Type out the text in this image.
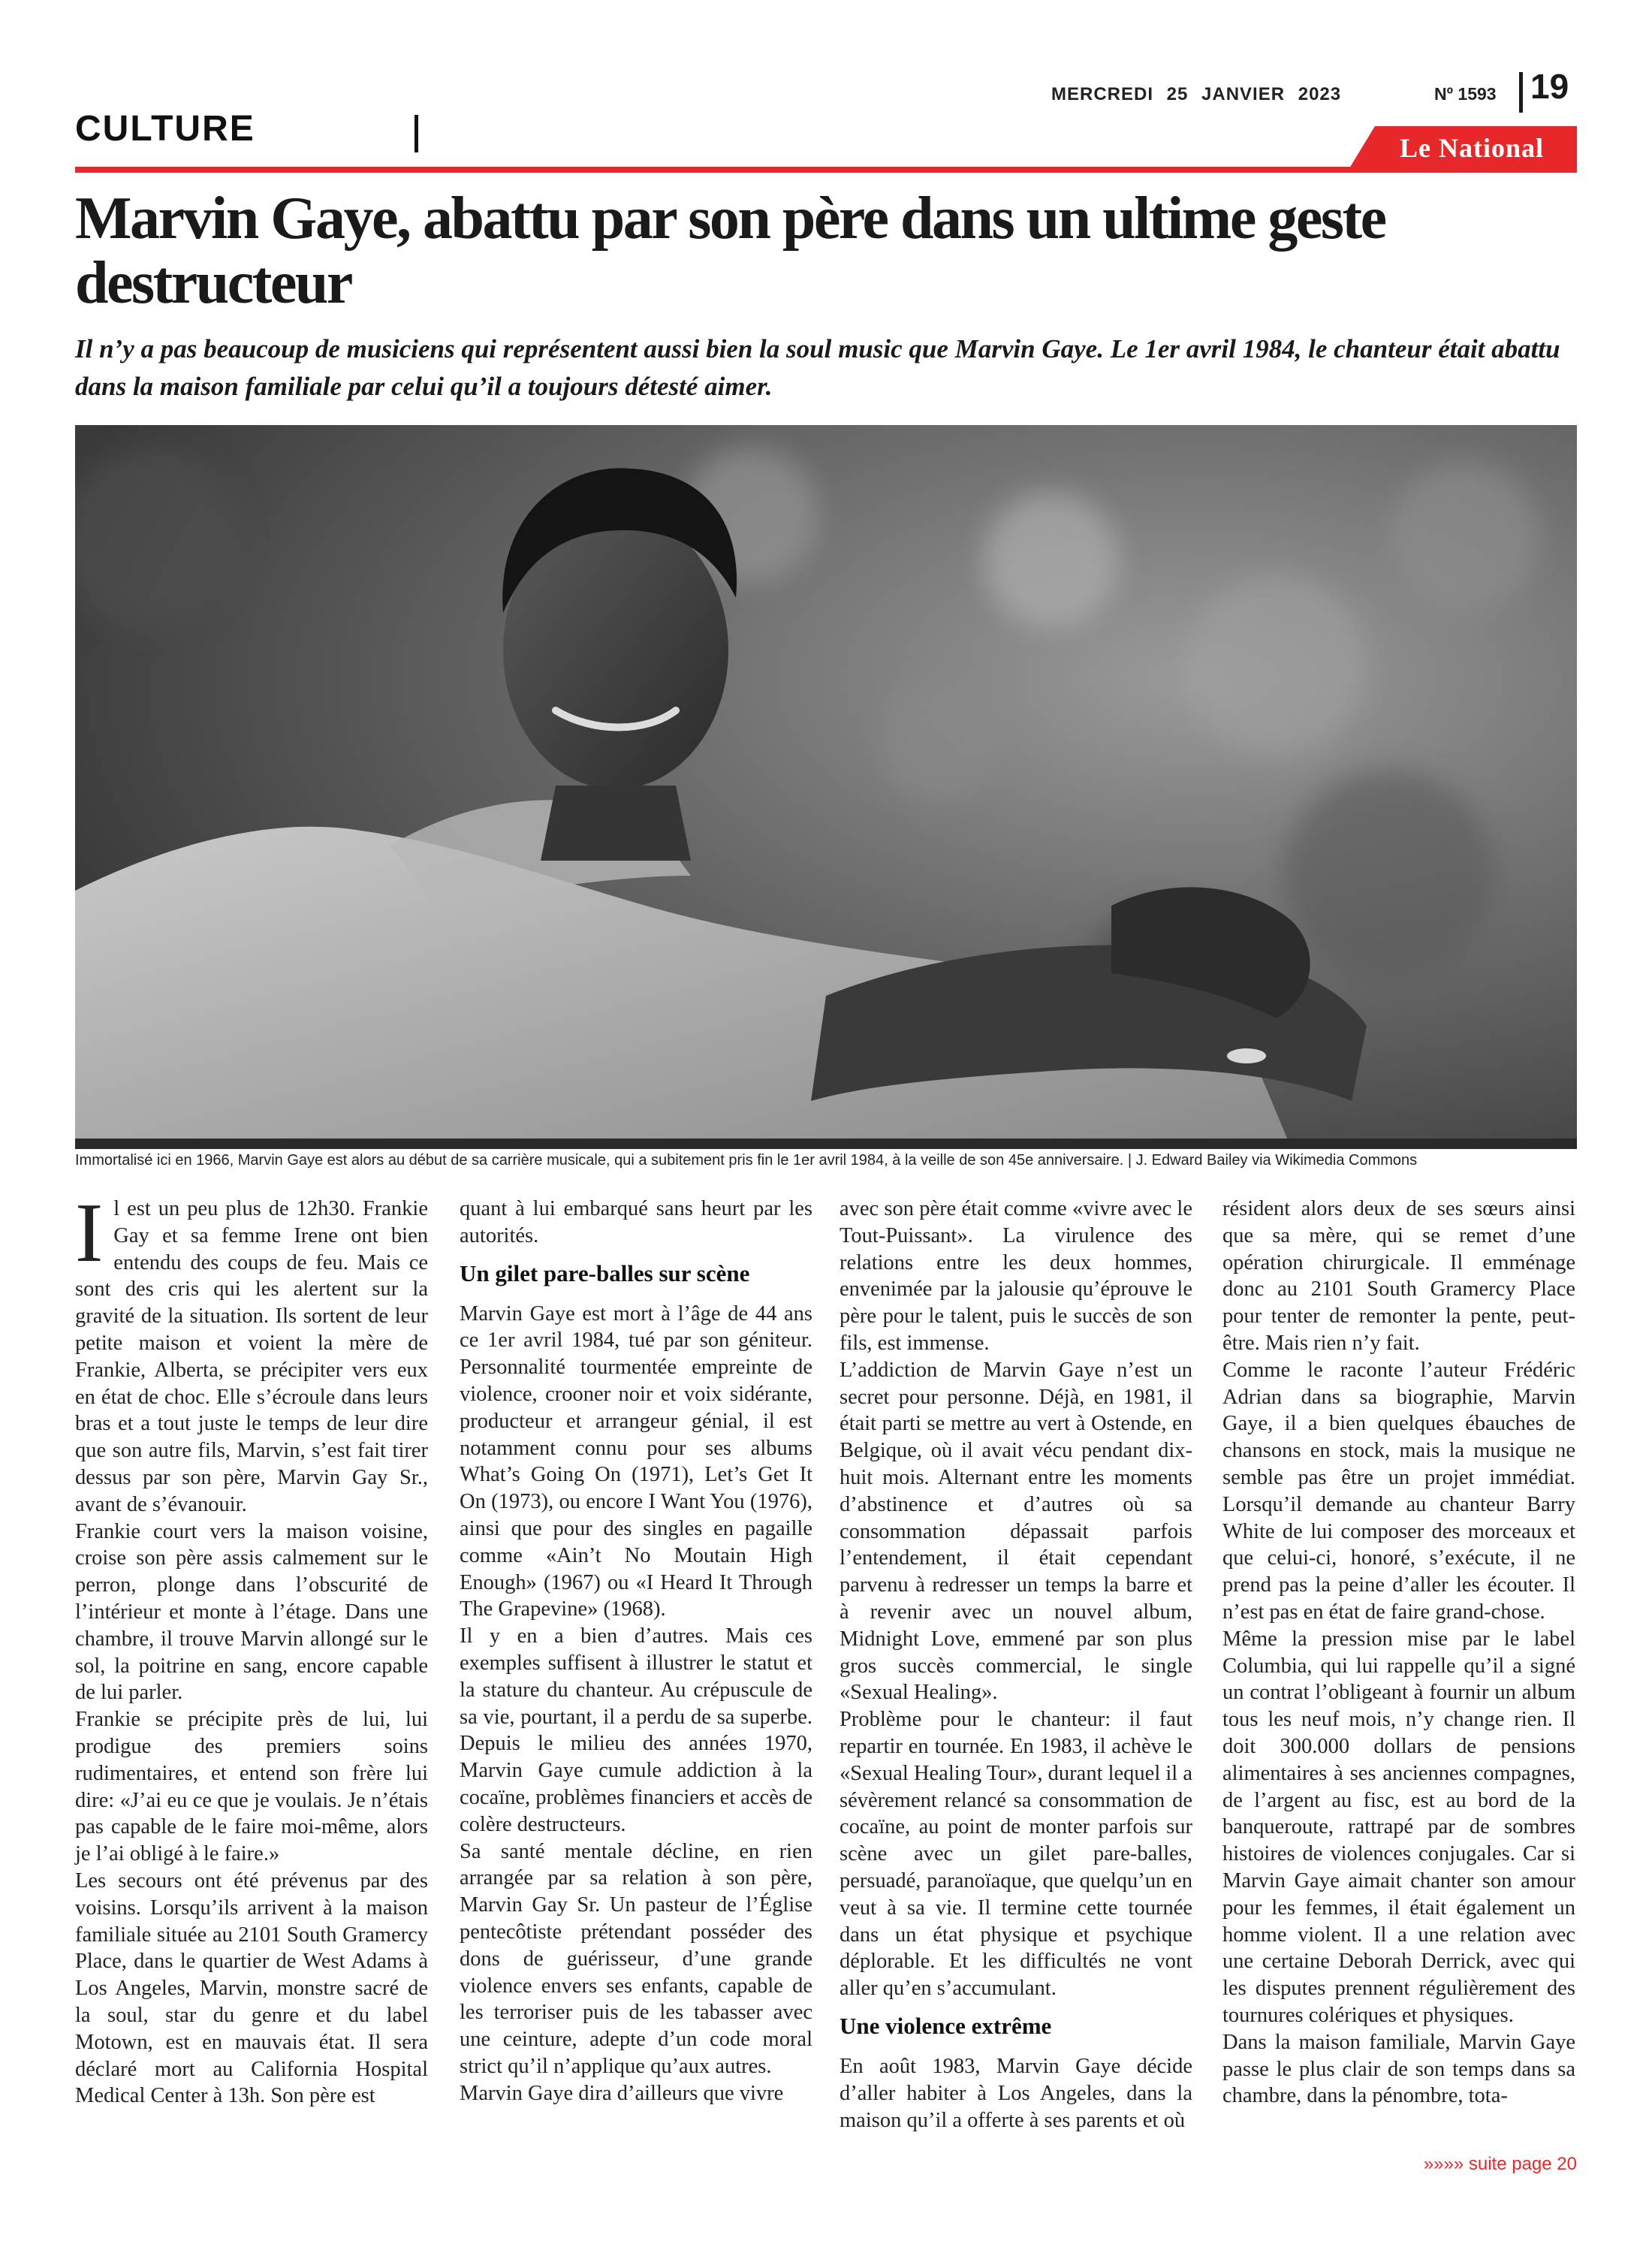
MERCREDI 25 JANVIER 2023	Nº 1593 19
CULTURE	Le National
Marvin Gaye, abattu par son père dans un ultime geste destructeur
Il n’y a pas beaucoup de musiciens qui représentent aussi bien la soul music que Marvin Gaye. Le 1er avril 1984, le chanteur était abattu dans la maison familiale par celui qu’il a toujours détesté aimer.
Immortalisé ici en 1966, Marvin Gaye est alors au début de sa carrière musicale, qui a subitement pris fin le 1er avril 1984, à la veille de son 45e anniversaire. | J. Edward Bailey via Wikimedia Commons
I l est un peu plus de 12h30. Frankie Gay et sa femme Irene ont bien entendu des coups de feu. Mais ce sont des cris qui les alertent sur la gravité de la situation. Ils sortent de leur petite maison et voient la mère de Frankie, Alberta, se précipiter vers eux en état de choc. Elle s’écroule dans leurs bras et a tout juste le temps de leur dire que son autre fils, Marvin, s’est fait tirer dessus par son père, Marvin Gay Sr., avant de s’évanouir.

Frankie court vers la maison voisine, croise son père assis calmement sur le perron, plonge dans l’obscurité de l’intérieur et monte à l’étage. Dans une chambre, il trouve Marvin allongé sur le sol, la poitrine en sang, encore capable de lui parler.

Frankie se précipite près de lui, lui prodigue des premiers soins rudimentaires, et entend son frère lui dire: «J’ai eu ce que je voulais. Je n’étais pas capable de le faire moi-même, alors je l’ai obligé à le faire.»

Les secours ont été prévenus par des voisins. Lorsqu’ils arrivent à la maison familiale située au 2101 South Gramercy Place, dans le quartier de West Adams à Los Angeles, Marvin, monstre sacré de la soul, star du genre et du label Motown, est en mauvais état. Il sera déclaré mort au California Hospital Medical Center à 13h. Son père est

quant à lui embarqué sans heurt par les autorités.

Un gilet pare-balles sur scène

Marvin Gaye est mort à l’âge de 44 ans ce 1er avril 1984, tué par son géniteur. Personnalité tourmentée empreinte de violence, crooner noir et voix sidérante, producteur et arrangeur génial, il est notamment connu pour ses albums What’s Going On (1971), Let’s Get It On (1973), ou encore I Want You (1976), ainsi que pour des singles en pagaille comme «Ain’t No Moutain High Enough» (1967) ou «I Heard It Through The Grapevine» (1968).

Il y en a bien d’autres. Mais ces exemples suffisent à illustrer le statut et la stature du chanteur. Au crépuscule de sa vie, pourtant, il a perdu de sa superbe. Depuis le milieu des années 1970, Marvin Gaye cumule addiction à la cocaïne, problèmes financiers et accès de colère destructeurs.

Sa santé mentale décline, en rien arrangée par sa relation à son père, Marvin Gay Sr. Un pasteur de l’Église pentecôtiste prétendant posséder des dons de guérisseur, d’une grande violence envers ses enfants, capable de les terroriser puis de les tabasser avec une ceinture, adepte d’un code moral strict qu’il n’applique qu’aux autres.

Marvin Gaye dira d’ailleurs que vivre

avec son père était comme «vivre avec le Tout-Puissant». La virulence des relations entre les deux hommes, envenimée par la jalousie qu’éprouve le père pour le talent, puis le succès de son fils, est immense.

L’addiction de Marvin Gaye n’est un secret pour personne. Déjà, en 1981, il était parti se mettre au vert à Ostende, en Belgique, où il avait vécu pendant dix-huit mois. Alternant entre les moments d’abstinence et d’autres où sa consommation dépassait parfois l’entendement, il était cependant parvenu à redresser un temps la barre et à revenir avec un nouvel album, Midnight Love, emmené par son plus gros succès commercial, le single «Sexual Healing».

Problème pour le chanteur: il faut repartir en tournée. En 1983, il achève le «Sexual Healing Tour», durant lequel il a sévèrement relancé sa consommation de cocaïne, au point de monter parfois sur scène avec un gilet pare-balles, persuadé, paranoïaque, que quelqu’un en veut à sa vie. Il termine cette tournée dans un état physique et psychique déplorable. Et les difficultés ne vont aller qu’en s’accumulant.

Une violence extrême

En août 1983, Marvin Gaye décide d’aller habiter à Los Angeles, dans la maison qu’il a offerte à ses parents et où

résident alors deux de ses sœurs ainsi que sa mère, qui se remet d’une opération chirurgicale. Il emménage donc au 2101 South Gramercy Place pour tenter de remonter la pente, peut-être. Mais rien n’y fait.

Comme le raconte l’auteur Frédéric Adrian dans sa biographie, Marvin Gaye, il a bien quelques ébauches de chansons en stock, mais la musique ne semble pas être un projet immédiat. Lorsqu’il demande au chanteur Barry White de lui composer des morceaux et que celui-ci, honoré, s’exécute, il ne prend pas la peine d’aller les écouter. Il n’est pas en état de faire grand-chose.

Même la pression mise par le label Columbia, qui lui rappelle qu’il a signé un contrat l’obligeant à fournir un album tous les neuf mois, n’y change rien. Il doit 300.000 dollars de pensions alimentaires à ses anciennes compagnes, de l’argent au fisc, est au bord de la banqueroute, rattrapé par de sombres histoires de violences conjugales. Car si Marvin Gaye aimait chanter son amour pour les femmes, il était également un homme violent. Il a une relation avec une certaine Deborah Derrick, avec qui les disputes prennent régulièrement des tournures colériques et physiques.

Dans la maison familiale, Marvin Gaye passe le plus clair de son temps dans sa chambre, dans la pénombre, tota-

»»»» suite page 20
